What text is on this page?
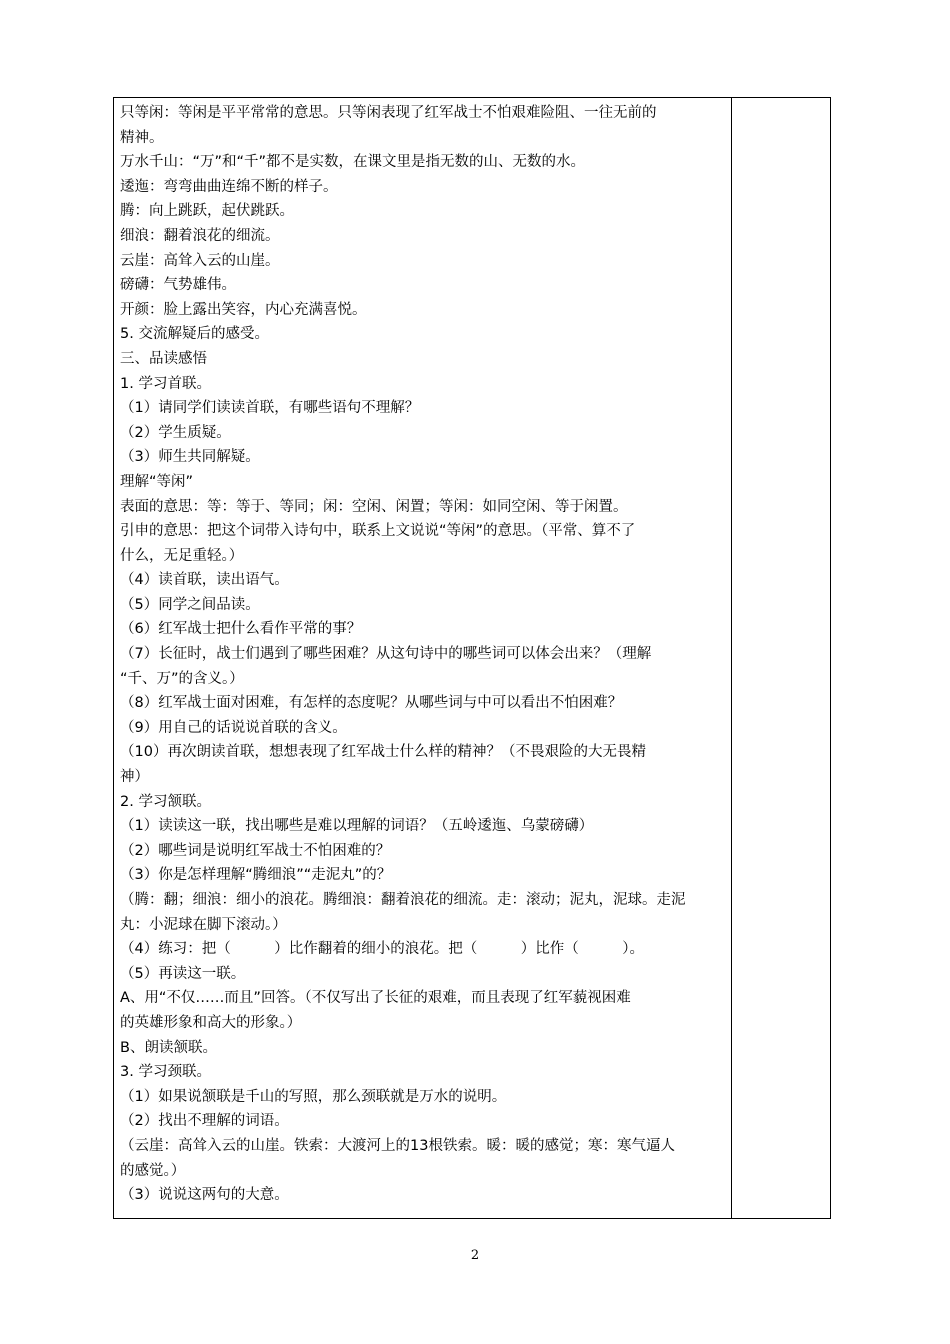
只等闲：等闲是平平常常的意思。只等闲表现了红军战士不怕艰难险阻、一往无前的
精神。
万水千山：“万”和“千”都不是实数，在课文里是指无数的山、无数的水。
逶迤：弯弯曲曲连绵不断的样子。
腾：向上跳跃，起伏跳跃。
细浪：翻着浪花的细流。
云崖：高耸入云的山崖。
磅礴：气势雄伟。
开颜：脸上露出笑容，内心充满喜悦。
5. 交流解疑后的感受。
三、品读感悟
1. 学习首联。
（1）请同学们读读首联，有哪些语句不理解？
（2）学生质疑。
（3）师生共同解疑。
理解“等闲”
表面的意思：等：等于、等同；闲：空闲、闲置；等闲：如同空闲、等于闲置。
引申的意思：把这个词带入诗句中，联系上文说说“等闲”的意思。（平常、算不了
什么，无足重轻。）
（4）读首联，读出语气。
（5）同学之间品读。
（6）红军战士把什么看作平常的事？
（7）长征时，战士们遇到了哪些困难？从这句诗中的哪些词可以体会出来？（理解
“千、万”的含义。）
（8）红军战士面对困难，有怎样的态度呢？从哪些词与中可以看出不怕困难？
（9）用自己的话说说首联的含义。
（10）再次朗读首联，想想表现了红军战士什么样的精神？（不畏艰险的大无畏精
神）
2. 学习颔联。
（1）读读这一联，找出哪些是难以理解的词语？（五岭逶迤、乌蒙磅礴）
（2）哪些词是说明红军战士不怕困难的？
（3）你是怎样理解“腾细浪”“走泥丸”的？
（腾：翻；细浪：细小的浪花。腾细浪：翻着浪花的细流。走：滚动；泥丸，泥球。走泥
丸：小泥球在脚下滚动。）
（4）练习：把（　　　）比作翻着的细小的浪花。把（　　　）比作（　　　）。
（5）再读这一联。
A、用“不仅……而且”回答。（不仅写出了长征的艰难，而且表现了红军藐视困难
的英雄形象和高大的形象。）
B、朗读颔联。
3. 学习颈联。
（1）如果说颔联是千山的写照，那么颈联就是万水的说明。
（2）找出不理解的词语。
（云崖：高耸入云的山崖。铁索：大渡河上的13根铁索。暖：暖的感觉；寒：寒气逼人
的感觉。）
（3）说说这两句的大意。
2
